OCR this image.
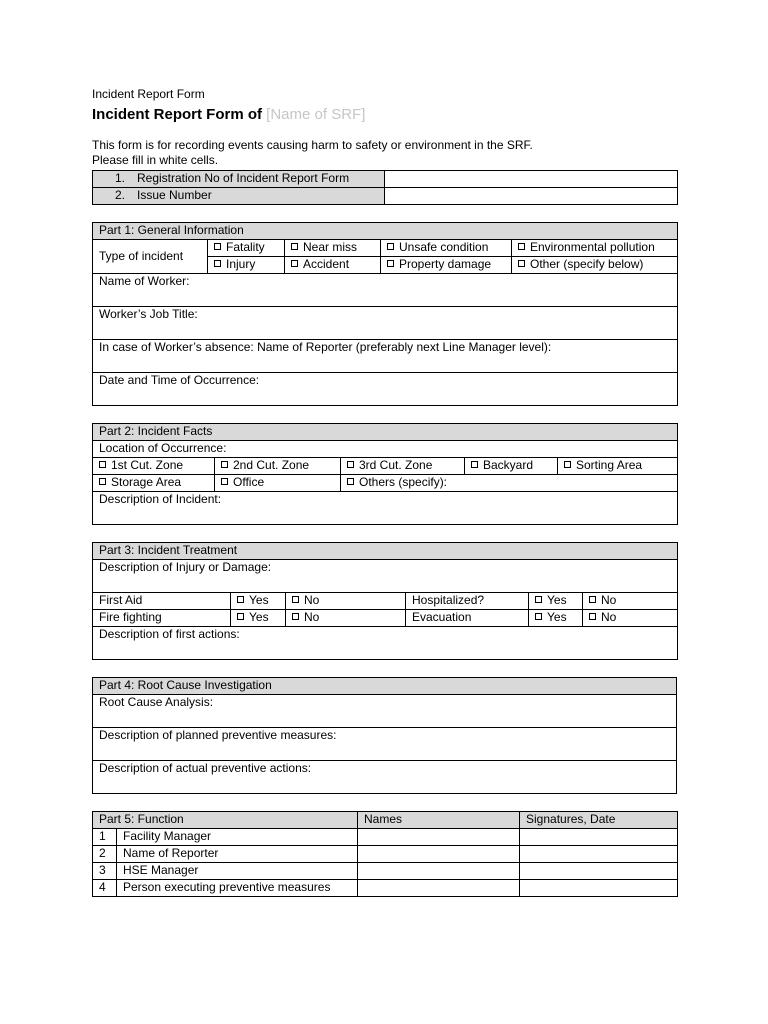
Incident Report Form
Incident Report Form of [Name of SRF]
This form is for recording events causing harm to safety or environment in the SRF.
Please fill in white cells.
1. Registration No of Incident Report Form	
2. Issue Number	
Part 1: General Information				
Type of incident	Fatality	Near miss	Unsafe condition	Environmental pollution
	Injury	Accident	Property damage	Other (specify below)
Name of Worker:				
Worker’s Job Title:				
In case of Worker’s absence: Name of Reporter (preferably next Line Manager level):				
Date and Time of Occurrence:				
Part 2: Incident Facts				
Location of Occurrence:				
1st Cut. Zone	2nd Cut. Zone	3rd Cut. Zone	Backyard	Sorting Area
Storage Area	Office	Others (specify):		
Description of Incident:				
Part 3: Incident Treatment					
Description of Injury or Damage:					
First Aid	Yes	No	Hospitalized?	Yes	No
Fire fighting	Yes	No	Evacuation	Yes	No
Description of first actions:					
Part 4: Root Cause Investigation
Root Cause Analysis:
Description of planned preventive measures:
Description of actual preventive actions:
Part 5: Function		Names	Signatures, Date
1	Facility Manager		
2	Name of Reporter		
3	HSE Manager		
4	Person executing preventive measures		
